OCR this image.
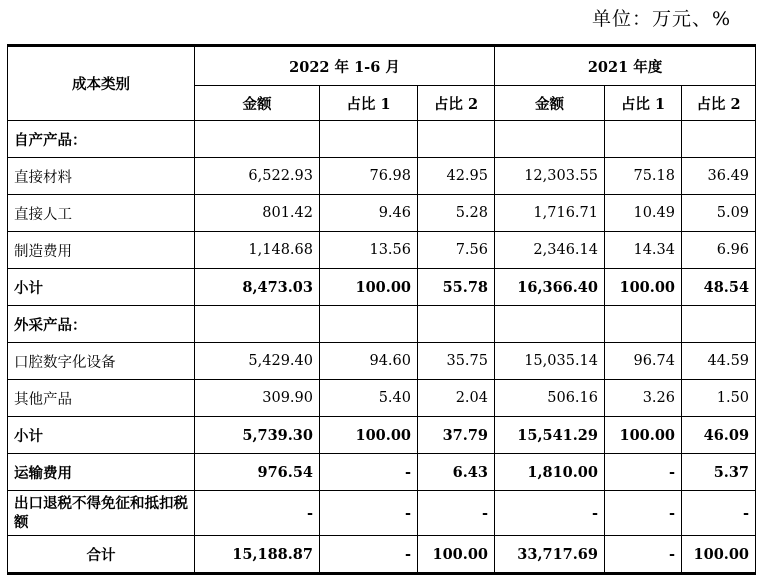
单位：万元、%
成本类别	2022 年 1-6 月			2021 年度		
	金额	占比 1	占比 2	金额	占比 1	占比 2
自产产品：						
直接材料	6,522.93	76.98	42.95	12,303.55	75.18	36.49
直接人工	801.42	9.46	5.28	1,716.71	10.49	5.09
制造费用	1,148.68	13.56	7.56	2,346.14	14.34	6.96
小计	8,473.03	100.00	55.78	16,366.40	100.00	48.54
外采产品：						
口腔数字化设备	5,429.40	94.60	35.75	15,035.14	96.74	44.59
其他产品	309.90	5.40	2.04	506.16	3.26	1.50
小计	5,739.30	100.00	37.79	15,541.29	100.00	46.09
运输费用	976.54	-	6.43	1,810.00	-	5.37
出口退税不得免征和抵扣税额	-	-	-	-	-	-
合计	15,188.87	-	100.00	33,717.69	-	100.00
